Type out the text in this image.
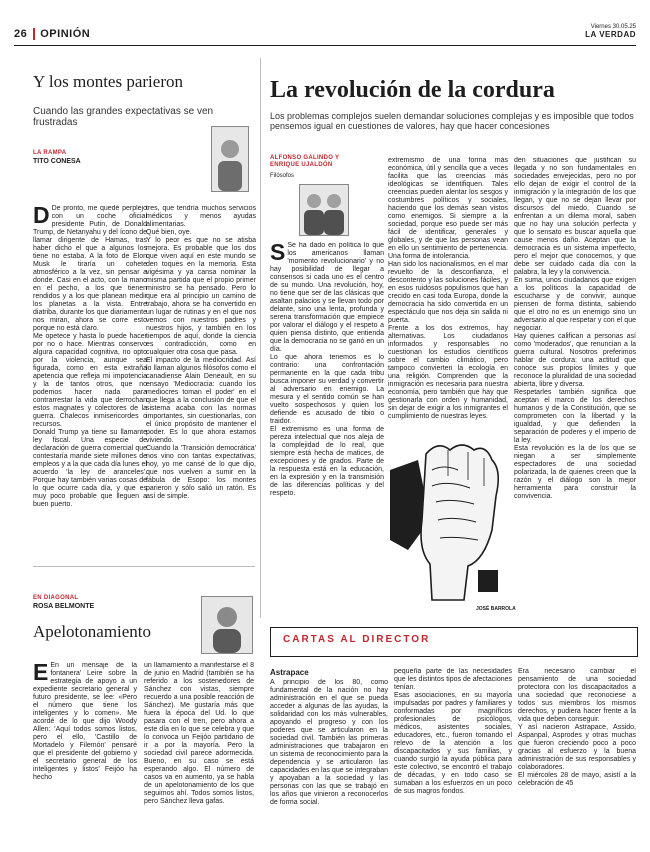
26 OPINIÓN
Viernes 30.05.25
LA VERDAD
Y los montes parieron
Cuando las grandes expectativas se ven frustradas
LA RAMPA
TITO CONESA
D De pronto, me quedé perplejo con un coche oficial presidente Putin, de Donald Trump, de Netanyahu y del ícono de llamar dirigente de Hamas, tras haber dicho el que a algunos los tiene no estaba. A la foto de Elon Musk le tiraría un cohete atmosférico a la vez, sin pensar a donde. Casi en el acto, con la mano en el pecho, a los que tienen rendidos y a los que planean medir los planetas a la vista. Entre diatriba, durante los que diariamente nos miran, ahora se corre esto porque no está claro.
Me opetece y hasta lo puede hacer por no o hace. Mientras conservo algura capacidad cognitiva, no opto por la violencia, aunque sea figurada, como en esta extraña apetencia que refleja mi impotencia y la de tantos otros, que no podemos hacer nada para contrarrestar la vida que derrochan estos magnates y colectores de la guerra. Chalecos inmisericordes o recursos.
Donald Trump ya tiene su llamante ley fiscal. Una especie de declaración de guerra comercial que contestaría mande siete millones de empleos y a la que cada día lunes el acuerdo 'la ley de aranceles'. Porque hay también varias cosas de lo que ocurre cada día, y que es muy poco probable que lleguen a buen puerto.
tres, que tendría muchos servicios médicos y menos ayudas alimentarias.
Qué bien, oye.
Y lo peor es que no se atisba mejora. Es probable que los dos que viven aquí en este mundo se den toques en la memoria. Esta vigésima y ya cansa nominar la misma partida que el propio primer ministro se ha pensado. Pero lo que era al principio un camino de trabajo, ahora se ha convertido en un lugar de rutinas y en el que nos vemos con nuestros padres y nuestros hijos, y también en los tiempos de aquí, donde la ciencia es contradicción, como en cualquier otra cosa que pasa.
El impacto de la mediocridad. Así lo llaman algunos filósofos como el canadiense Alain Deneault, en su ensayo 'Mediocracia: cuando los mediocres toman el poder' en el que llega a la conclusión de que el sistema acaba con las normas importantes, sin cuestionarlas, con el único propósito de mantener el poder. Es lo que ahora estamos viviendo.
Cuando la 'Transición democrática' nos vino con tantas expectativas, hoy, yo me cansé de lo que dijo, que nos vuelven a sumir en la fábula de Esopo: los montes parieron y sólo salió un ratón. Es así de simple.
EN DIAGONAL
ROSA BELMONTE
Apelotonamiento
E En un mensaje de la fontanera' Leire sobre la estrategia de apoyo a un expediente secretario general y futuro presidente, se lee: «Pero el número que tiene los inteligentes y lo comen». Me acordé de lo que dijo Woody Allen: 'Aquí todos somos listos, pero el ello, 'Castillo de Mortadelo y Filemón' pensaré que el presidente del gobierno y el secretario general de los inteligentes y listos' Feijóo ha hecho
un llamamiento a manifestarse el 8 de junio en Madrid (también se ha referido a los sostenedores de Sánchez con vistas, siempre recuerdo a una posible reacción de Sánchez). Me gustaría más que fuera la época del Ud. lo que pasara con el tren, pero ahora a este día en lo que se celebra y que lo convoca un Feijóo partidario de ir a por la mayoría. Pero la sociedad civil parece adormecida. Bueno, en su caso se está esperando algo. El número de casos va en aumento, ya se habla de un apelotonamiento de los que seguimos ahí. Todos somos listos, pero Sánchez lleva gafas.
La revolución de la cordura
Los problemas complejos suelen demandar soluciones complejas y es imposible que todos pensemos igual en cuestiones de valores, hay que hacer concesiones
ALFONSO GALINDO Y ENRIQUE UJALDÓN
Filósofos
S Se ha dado en política lo que los americanos llaman 'momento revolucionario' y no hay posibilidad de llegar a consensos si cada uno es el centro de su mundo. Una revolución, hoy, no tiene que ser de las clásicas que asaltan palacios y se llevan todo por delante, sino una lenta, profunda y serena transformación que empiece por valorar el diálogo y el respeto a quien piensa distinto, que entienda que la democracia no se ganó en un día.
Lo que ahora tenemos es lo contrario: una confrontación permanente en la que cada tribu busca imponer su verdad y convertir al adversario en enemigo. La mesura y el sentido común se han vuelto sospechosos y quien los defiende es acusado de tibio o traidor.
El extremismo es una forma de pereza intelectual que nos aleja de la complejidad de lo real, que siempre está hecha de matices, de excepciones y de grados. Parte de la respuesta está en la educación, en la expresión y en la transmisión de las diferencias políticas y del respeto.
extremismo de una forma más económica, útil y sencilla que a veces facilita que las creencias más ideológicas se identifiquen. Tales creencias pueden alentar los sesgos y costumbres políticos y sociales, haciendo que los demás sean vistos como enemigos. Si siempre a la sociedad, porque eso puede ser más fácil de identificar, generales y globales, y de que las personas vean en ello un sentimiento de pertenencia. Una forma de intolerancia.
Han sido los nacionalismos, en el mar revuelto de la desconfianza, el descontento y las soluciones fáciles, y en esos ruidosos populismos que han crecido en casi toda Europa, donde la democracia ha sido convertida en un espectáculo que nos deja sin salida ni puerta.
Frente a los dos extremos, hay alternativas. Los ciudadanos informados y responsables no cuestionan los estudios científicos sobre el cambio climático, pero tampoco convierten la ecología en una religión. Comprenden que la inmigración es necesaria para nuestra economía, pero también que hay que gestionarla con orden y humanidad, sin dejar de exigir a los inmigrantes el cumplimiento de nuestras leyes.
den situaciones que justifican su llegada y no son fundamentales en sociedades envejecidas, pero no por ello dejan de exigir el control de la inmigración y la integración de los que llegan, y que no se dejan llevar por discursos del miedo. Cuando se enfrentan a un dilema moral, saben que no hay una solución perfecta y que lo sensato es buscar aquella que cause menos daño. Aceptan que la democracia es un sistema imperfecto, pero el mejor que conocemos, y que debe ser cuidado cada día con la palabra, la ley y la convivencia.
En suma, unos ciudadanos que exigen a los políticos la capacidad de escucharse y de convivir, aunque piensen de forma distinta, sabiendo que el otro no es un enemigo sino un adversario al que respetar y con el que negociar.
Hay quienes califican a personas así como 'moderados', que renuncian a la guerra cultural. Nosotros preferimos hablar de cordura: una actitud que conoce sus propios límites y que reconoce la pluralidad de una sociedad abierta, libre y diversa.
Respetarles también significa que aceptan el marco de los derechos humanos y de la Constitución, que se comprometen con la libertad y la igualdad, y que defienden la separación de poderes y el imperio de la ley.
Esta revolución es la de los que se niegan a ser simplemente espectadores de una sociedad polarizada, la de quienes creen que la razón y el diálogo son la mejor herramienta para construir la convivencia.
JOSÉ BARROLA
CARTAS AL DIRECTOR
Astrapace
A principio de los 80, como fundamental de la nación no hay administración en el que se pueda acceder a algunas de las ayudas, la solidaridad con los más vulnerables, apoyando el progreso y con los poderes que se articularon en la sociedad civil. También las primeras administraciones que trabajaron en un sistema de reconocimiento para la dependencia y se articularon las capacidades en las que se integraban y apoyaban a la sociedad y las personas con las que se trabajó en los años que vinieron a reconocerlos de forma social.
pequeña parte de las necesidades que les distintos tipos de afectaciones tenían.
Esas asociaciones, en su mayoría impulsadas por padres y familiares y conformadas por magníficos profesionales de psicólogos, médicos, asistentes sociales, educadores, etc., fueron tomando el relevo de la atención a los discapacitados y sus familias, y cuando surgió la ayuda pública para este colectivo, se encontró el trabajo de décadas, y en todo caso se sumaban a los esfuerzos en un poco de sus magros fondos.
Era necesario cambiar el pensamiento de una sociedad protectora con los discapacitados a una sociedad que reconociese a todos sus miembros los mismos derechos, y pudiera hacer frente a la vida que deben conseguir.
Y así nacieron Astrapace, Assido, Aspanpal, Asprodes y otras muchas que fueron creciendo poco a poco gracias al esfuerzo y la buena administración de sus responsables y colaboradores.
El miércoles 28 de mayo, asistí a la celebración de 45
